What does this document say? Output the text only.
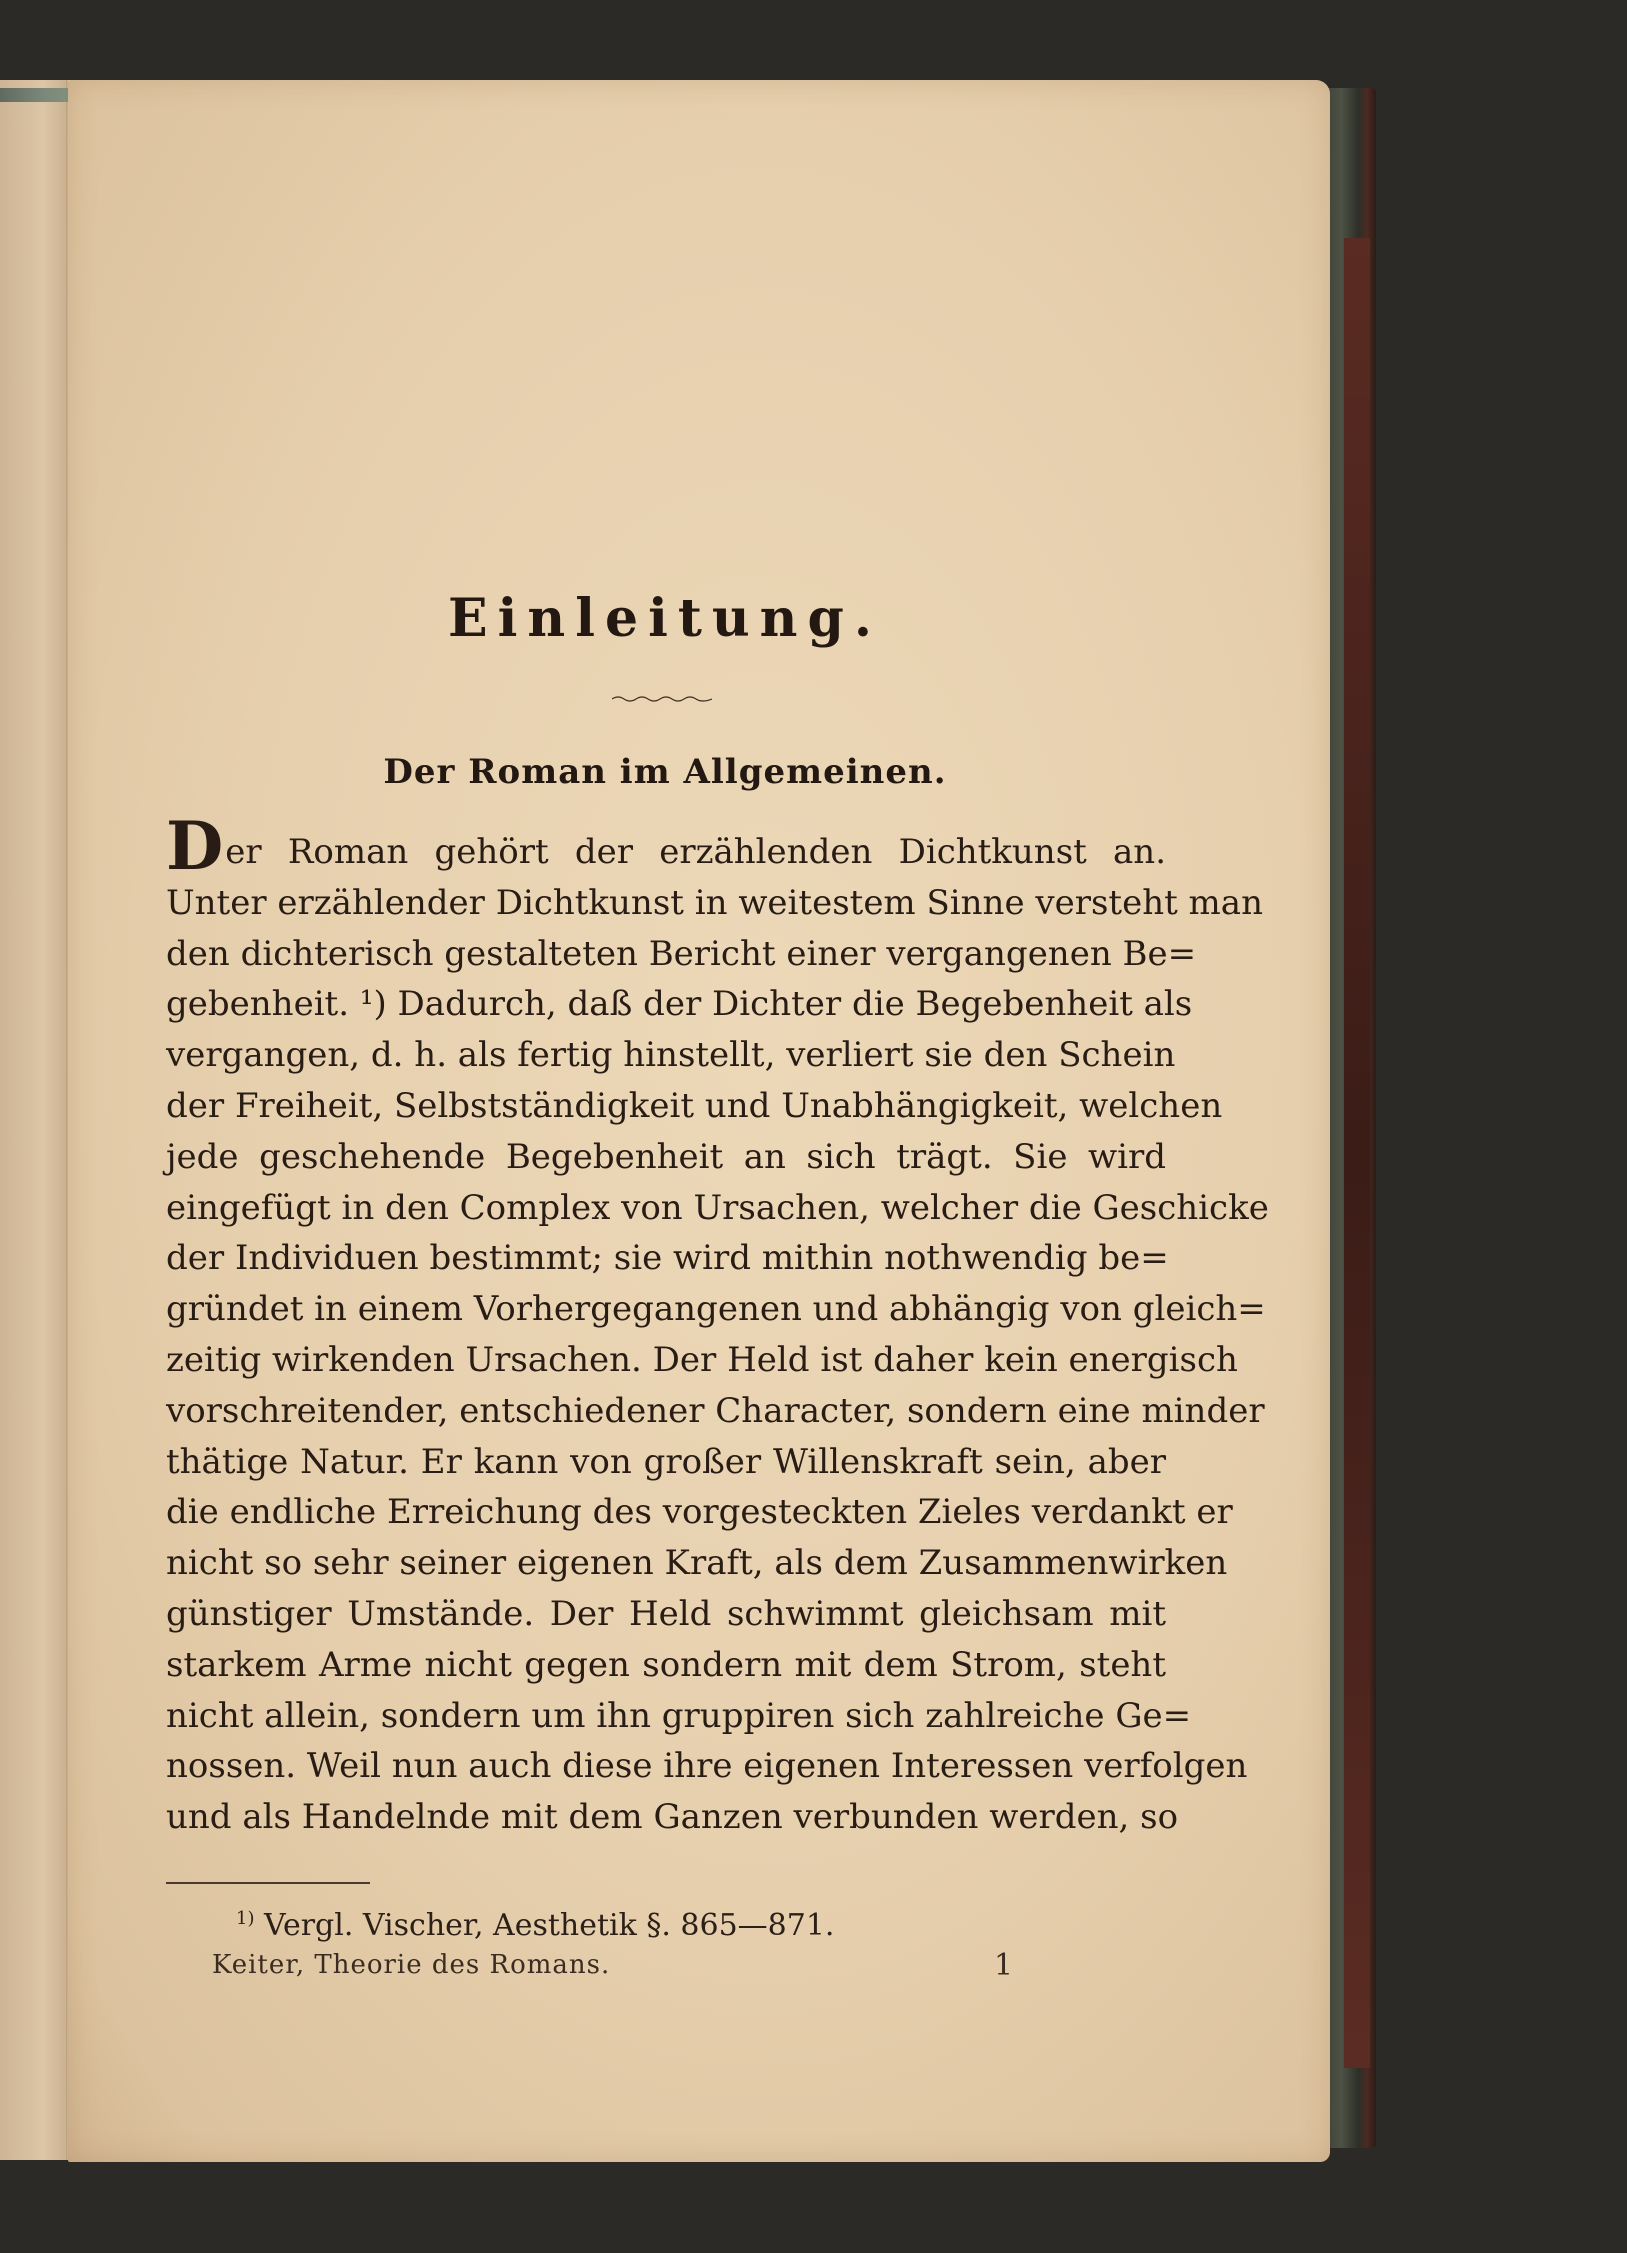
Einleitung.
Der Roman im Allgemeinen.
Der Roman gehört der erzählenden Dichtkunst an.
Unter erzählender Dichtkunst in weitestem Sinne versteht man
den dichterisch gestalteten Bericht einer vergangenen Be=
gebenheit. ¹) Dadurch, daß der Dichter die Begebenheit als
vergangen, d. h. als fertig hinstellt, verliert sie den Schein
der Freiheit, Selbstständigkeit und Unabhängigkeit, welchen
jede geschehende Begebenheit an sich trägt. Sie wird
eingefügt in den Complex von Ursachen, welcher die Geschicke
der Individuen bestimmt; sie wird mithin nothwendig be=
gründet in einem Vorhergegangenen und abhängig von gleich=
zeitig wirkenden Ursachen. Der Held ist daher kein energisch
vorschreitender, entschiedener Character, sondern eine minder
thätige Natur. Er kann von großer Willenskraft sein, aber
die endliche Erreichung des vorgesteckten Zieles verdankt er
nicht so sehr seiner eigenen Kraft, als dem Zusammenwirken
günstiger Umstände. Der Held schwimmt gleichsam mit
starkem Arme nicht gegen sondern mit dem Strom, steht
nicht allein, sondern um ihn gruppiren sich zahlreiche Ge=
nossen. Weil nun auch diese ihre eigenen Interessen verfolgen
und als Handelnde mit dem Ganzen verbunden werden, so
$^{1)}$ Vergl. Vischer, Aesthetik §. 865—871.
Keiter, Theorie des Romans.	1
